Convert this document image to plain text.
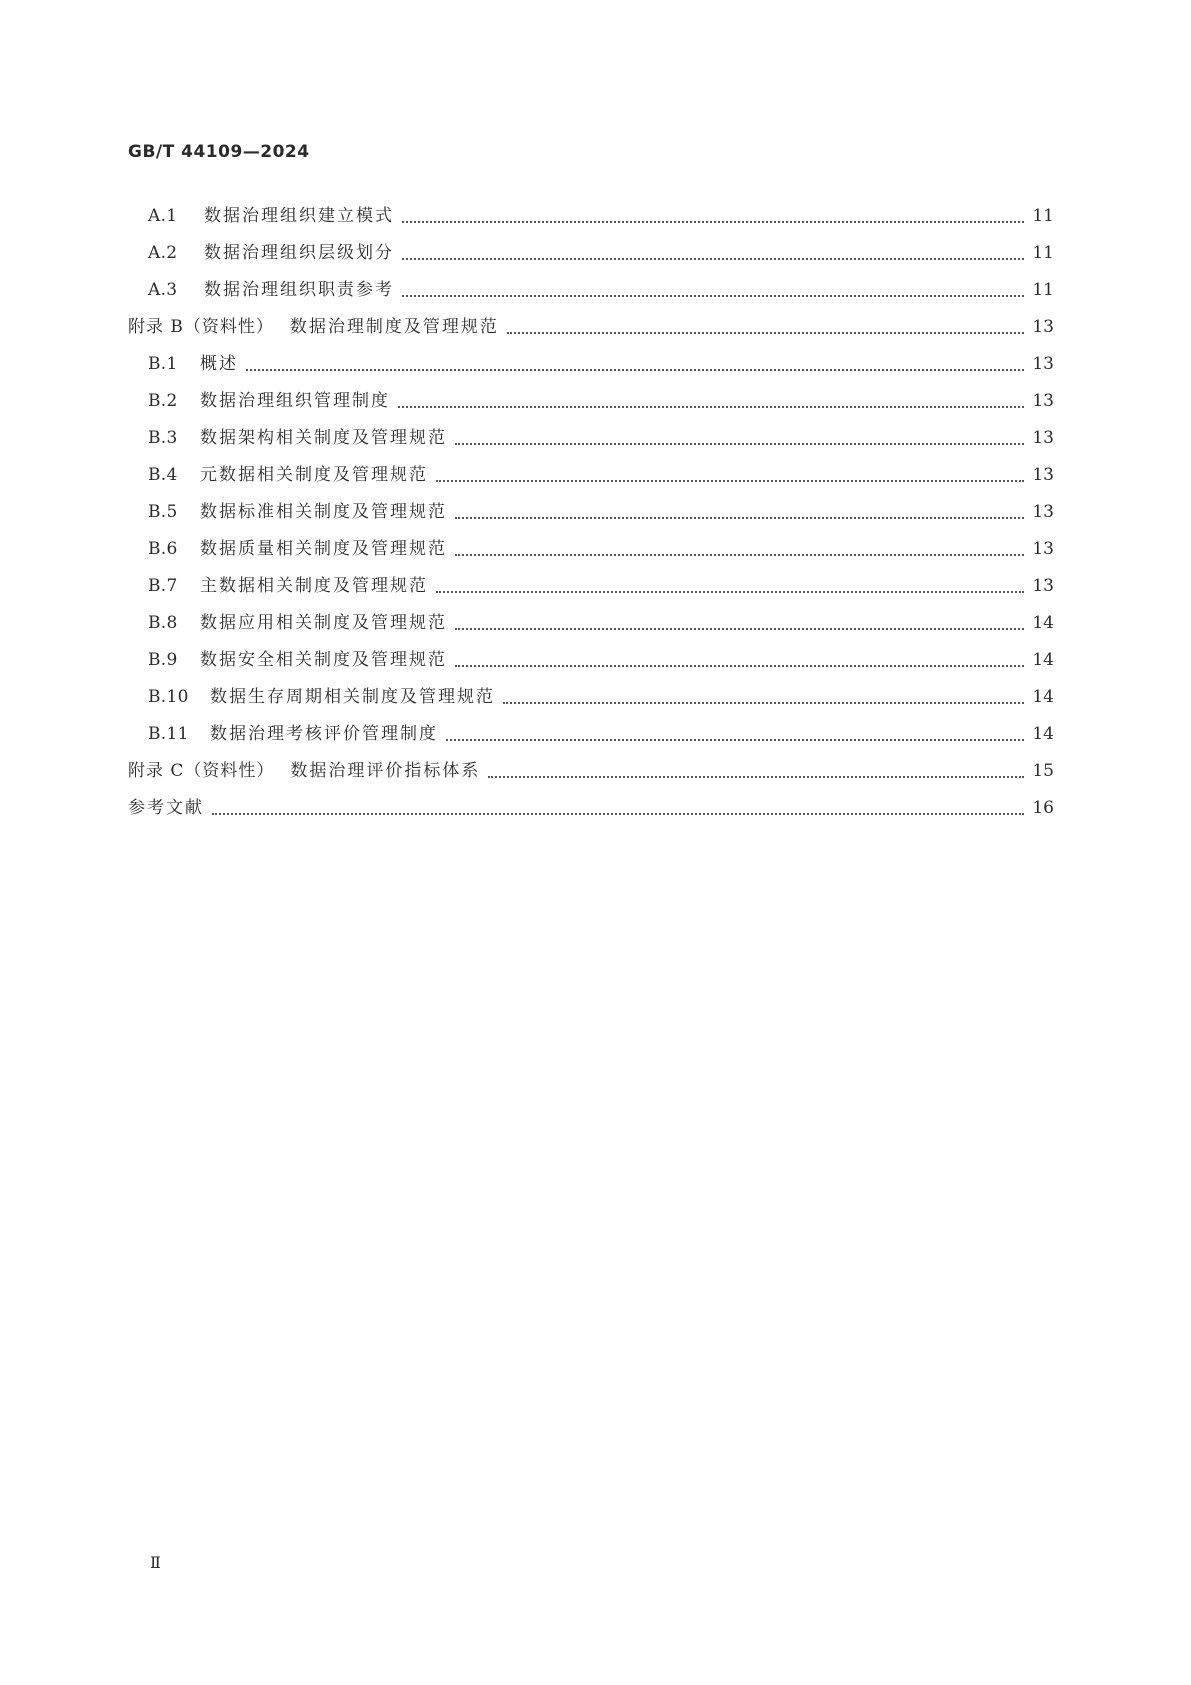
GB/T 44109—2024
A.1	数据治理组织建立模式	11
A.2	数据治理组织层级划分	11
A.3	数据治理组织职责参考	11
附录 B（资料性） 数据治理制度及管理规范	13
B.1	概述	13
B.2	数据治理组织管理制度	13
B.3	数据架构相关制度及管理规范	13
B.4	元数据相关制度及管理规范	13
B.5	数据标准相关制度及管理规范	13
B.6	数据质量相关制度及管理规范	13
B.7	主数据相关制度及管理规范	13
B.8	数据应用相关制度及管理规范	14
B.9	数据安全相关制度及管理规范	14
B.10	数据生存周期相关制度及管理规范	14
B.11	数据治理考核评价管理制度	14
附录 C（资料性） 数据治理评价指标体系	15
参考文献	16
Ⅱ
